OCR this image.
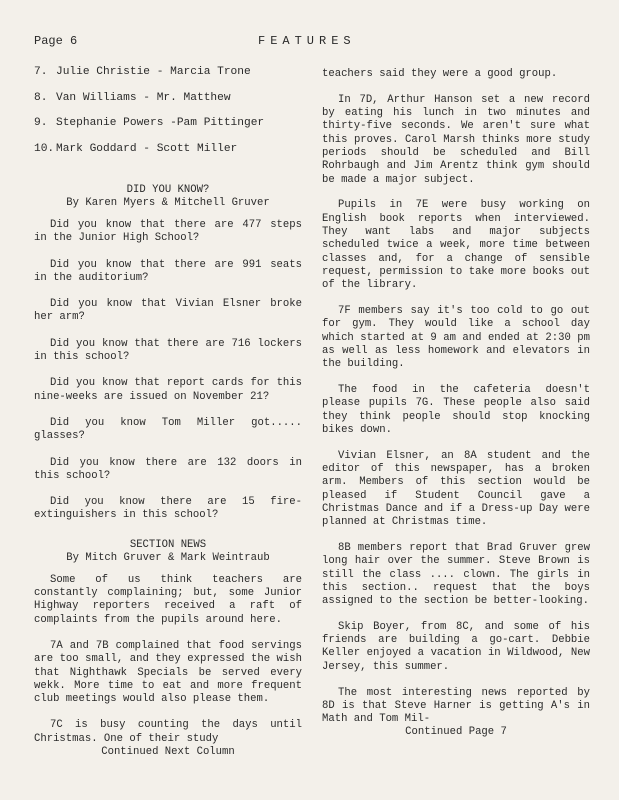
Page 6	FEATURES
7. Julie Christie - Marcia Trone
8. Van Williams - Mr. Matthew
9. Stephanie Powers -Pam Pittinger
10. Mark Goddard - Scott Miller
DID YOU KNOW?
By Karen Myers & Mitchell Gruver

Did you know that there are 477 steps in the Junior High School?

Did you know that there are 991 seats in the auditorium?

Did you know that Vivian Elsner broke her arm?

Did you know that there are 716 lockers in this school?

Did you know that report cards for this nine-weeks are issued on November 21?

Did you know Tom Miller got..... glasses?

Did you know there are 132 doors in this school?

Did you know there are 15 fire-extinguishers in this school?

SECTION NEWS
By Mitch Gruver & Mark Weintraub

Some of us think teachers are constantly complaining; but, some Junior Highway reporters received a raft of complaints from the pupils around here.

7A and 7B complained that food servings are too small, and they expressed the wish that Nighthawk Specials be served every wekk. More time to eat and more frequent club meetings would also please them.

7C is busy counting the days until Christmas. One of their study

Continued Next Column

teachers said they were a good group.

In 7D, Arthur Hanson set a new record by eating his lunch in two minutes and thirty-five seconds. We aren't sure what this proves. Carol Marsh thinks more study periods should be scheduled and Bill Rohrbaugh and Jim Arentz think gym should be made a major subject.

Pupils in 7E were busy working on English book reports when interviewed. They want labs and major subjects scheduled twice a week, more time between classes and, for a change of sensible request, permission to take more books out of the library.

7F members say it's too cold to go out for gym. They would like a school day which started at 9 am and ended at 2:30 pm as well as less homework and elevators in the building.

The food in the cafeteria doesn't please pupils 7G. These people also said they think people should stop knocking bikes down.

Vivian Elsner, an 8A student and the editor of this newspaper, has a broken arm. Members of this section would be pleased if Student Council gave a Christmas Dance and if a Dress-up Day were planned at Christmas time.

8B members report that Brad Gruver grew long hair over the summer. Steve Brown is still the class .... clown. The girls in this section.. request that the boys assigned to the section be better-looking.

Skip Boyer, from 8C, and some of his friends are building a go-cart. Debbie Keller enjoyed a vacation in Wildwood, New Jersey, this summer.

The most interesting news reported by 8D is that Steve Harner is getting A's in Math and Tom Mil-

Continued Page 7
